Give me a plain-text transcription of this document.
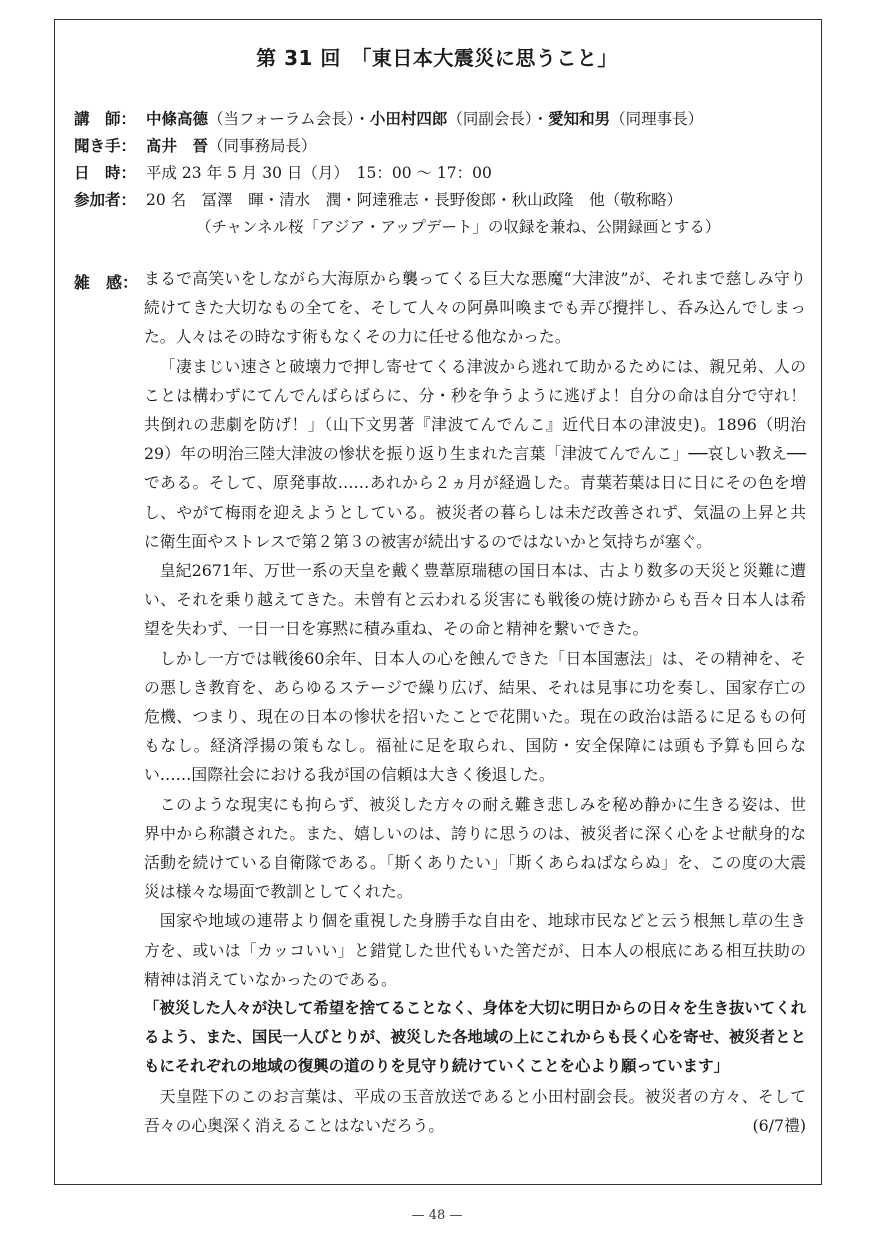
第 31 回　「東日本大震災に思うこと」
講　師： 中條高德（当フォーラム会長）・小田村四郎（同副会長）・愛知和男（同理事長）
聞き手： 髙井　晉（同事務局長）
日　時： 平成 23 年 5 月 30 日（月）　15：00 〜 17：00
参加者： 20 名　冨澤　暉・清水　潤・阿達雅志・長野俊郎・秋山政隆　他（敬称略）
（チャンネル桜「アジア・アップデート」の収録を兼ね、公開録画とする）
雑　感： まるで高笑いをしながら大海原から襲ってくる巨大な悪魔“大津波”が、それまで慈しみ守り続けてきた大切なもの全てを、そして人々の阿鼻叫喚までも弄び攪拌し、呑み込んでしまった。人々はその時なす術もなくその力に任せる他なかった。

「凄まじい速さと破壊力で押し寄せてくる津波から逃れて助かるためには、親兄弟、人のことは構わずにてんでんばらばらに、分・秒を争うように逃げよ！自分の命は自分で守れ！共倒れの悲劇を防げ！」（山下文男著『津波てんでんこ』近代日本の津波史)。1896（明治29）年の明治三陸大津波の惨状を振り返り生まれた言葉「津波てんでんこ」──哀しい教え──である。そして、原発事故……あれから２ヵ月が経過した。青葉若葉は日に日にその色を増し、やがて梅雨を迎えようとしている。被災者の暮らしは未だ改善されず、気温の上昇と共に衛生面やストレスで第２第３の被害が続出するのではないかと気持ちが塞ぐ。

皇紀2671年、万世一系の天皇を戴く豊葦原瑞穂の国日本は、古より数多の天災と災難に遭い、それを乗り越えてきた。未曾有と云われる災害にも戦後の焼け跡からも吾々日本人は希望を失わず、一日一日を寡黙に積み重ね、その命と精神を繋いできた。

しかし一方では戦後60余年、日本人の心を蝕んできた「日本国憲法」は、その精神を、その悪しき教育を、あらゆるステージで繰り広げ、結果、それは見事に功を奏し、国家存亡の危機、つまり、現在の日本の惨状を招いたことで花開いた。現在の政治は語るに足るもの何もなし。経済浮揚の策もなし。福祉に足を取られ、国防・安全保障には頭も予算も回らない……国際社会における我が国の信頼は大きく後退した。

このような現実にも拘らず、被災した方々の耐え難き悲しみを秘め静かに生きる姿は、世界中から称讃された。また、嬉しいのは、誇りに思うのは、被災者に深く心をよせ献身的な活動を続けている自衛隊である。「斯くありたい」「斯くあらねばならぬ」を、この度の大震災は様々な場面で教訓としてくれた。

国家や地域の連帯より個を重視した身勝手な自由を、地球市民などと云う根無し草の生き方を、或いは「カッコいい」と錯覚した世代もいた筈だが、日本人の根底にある相互扶助の精神は消えていなかったのである。

「被災した人々が決して希望を捨てることなく、身体を大切に明日からの日々を生き抜いてくれるよう、また、国民一人びとりが、被災した各地域の上にこれからも長く心を寄せ、被災者とともにそれぞれの地域の復興の道のりを見守り続けていくことを心より願っています」

天皇陛下のこのお言葉は、平成の玉音放送であると小田村副会長。被災者の方々、そして吾々の心奥深く消えることはないだろう。	(6/7禮)

— 48 —
